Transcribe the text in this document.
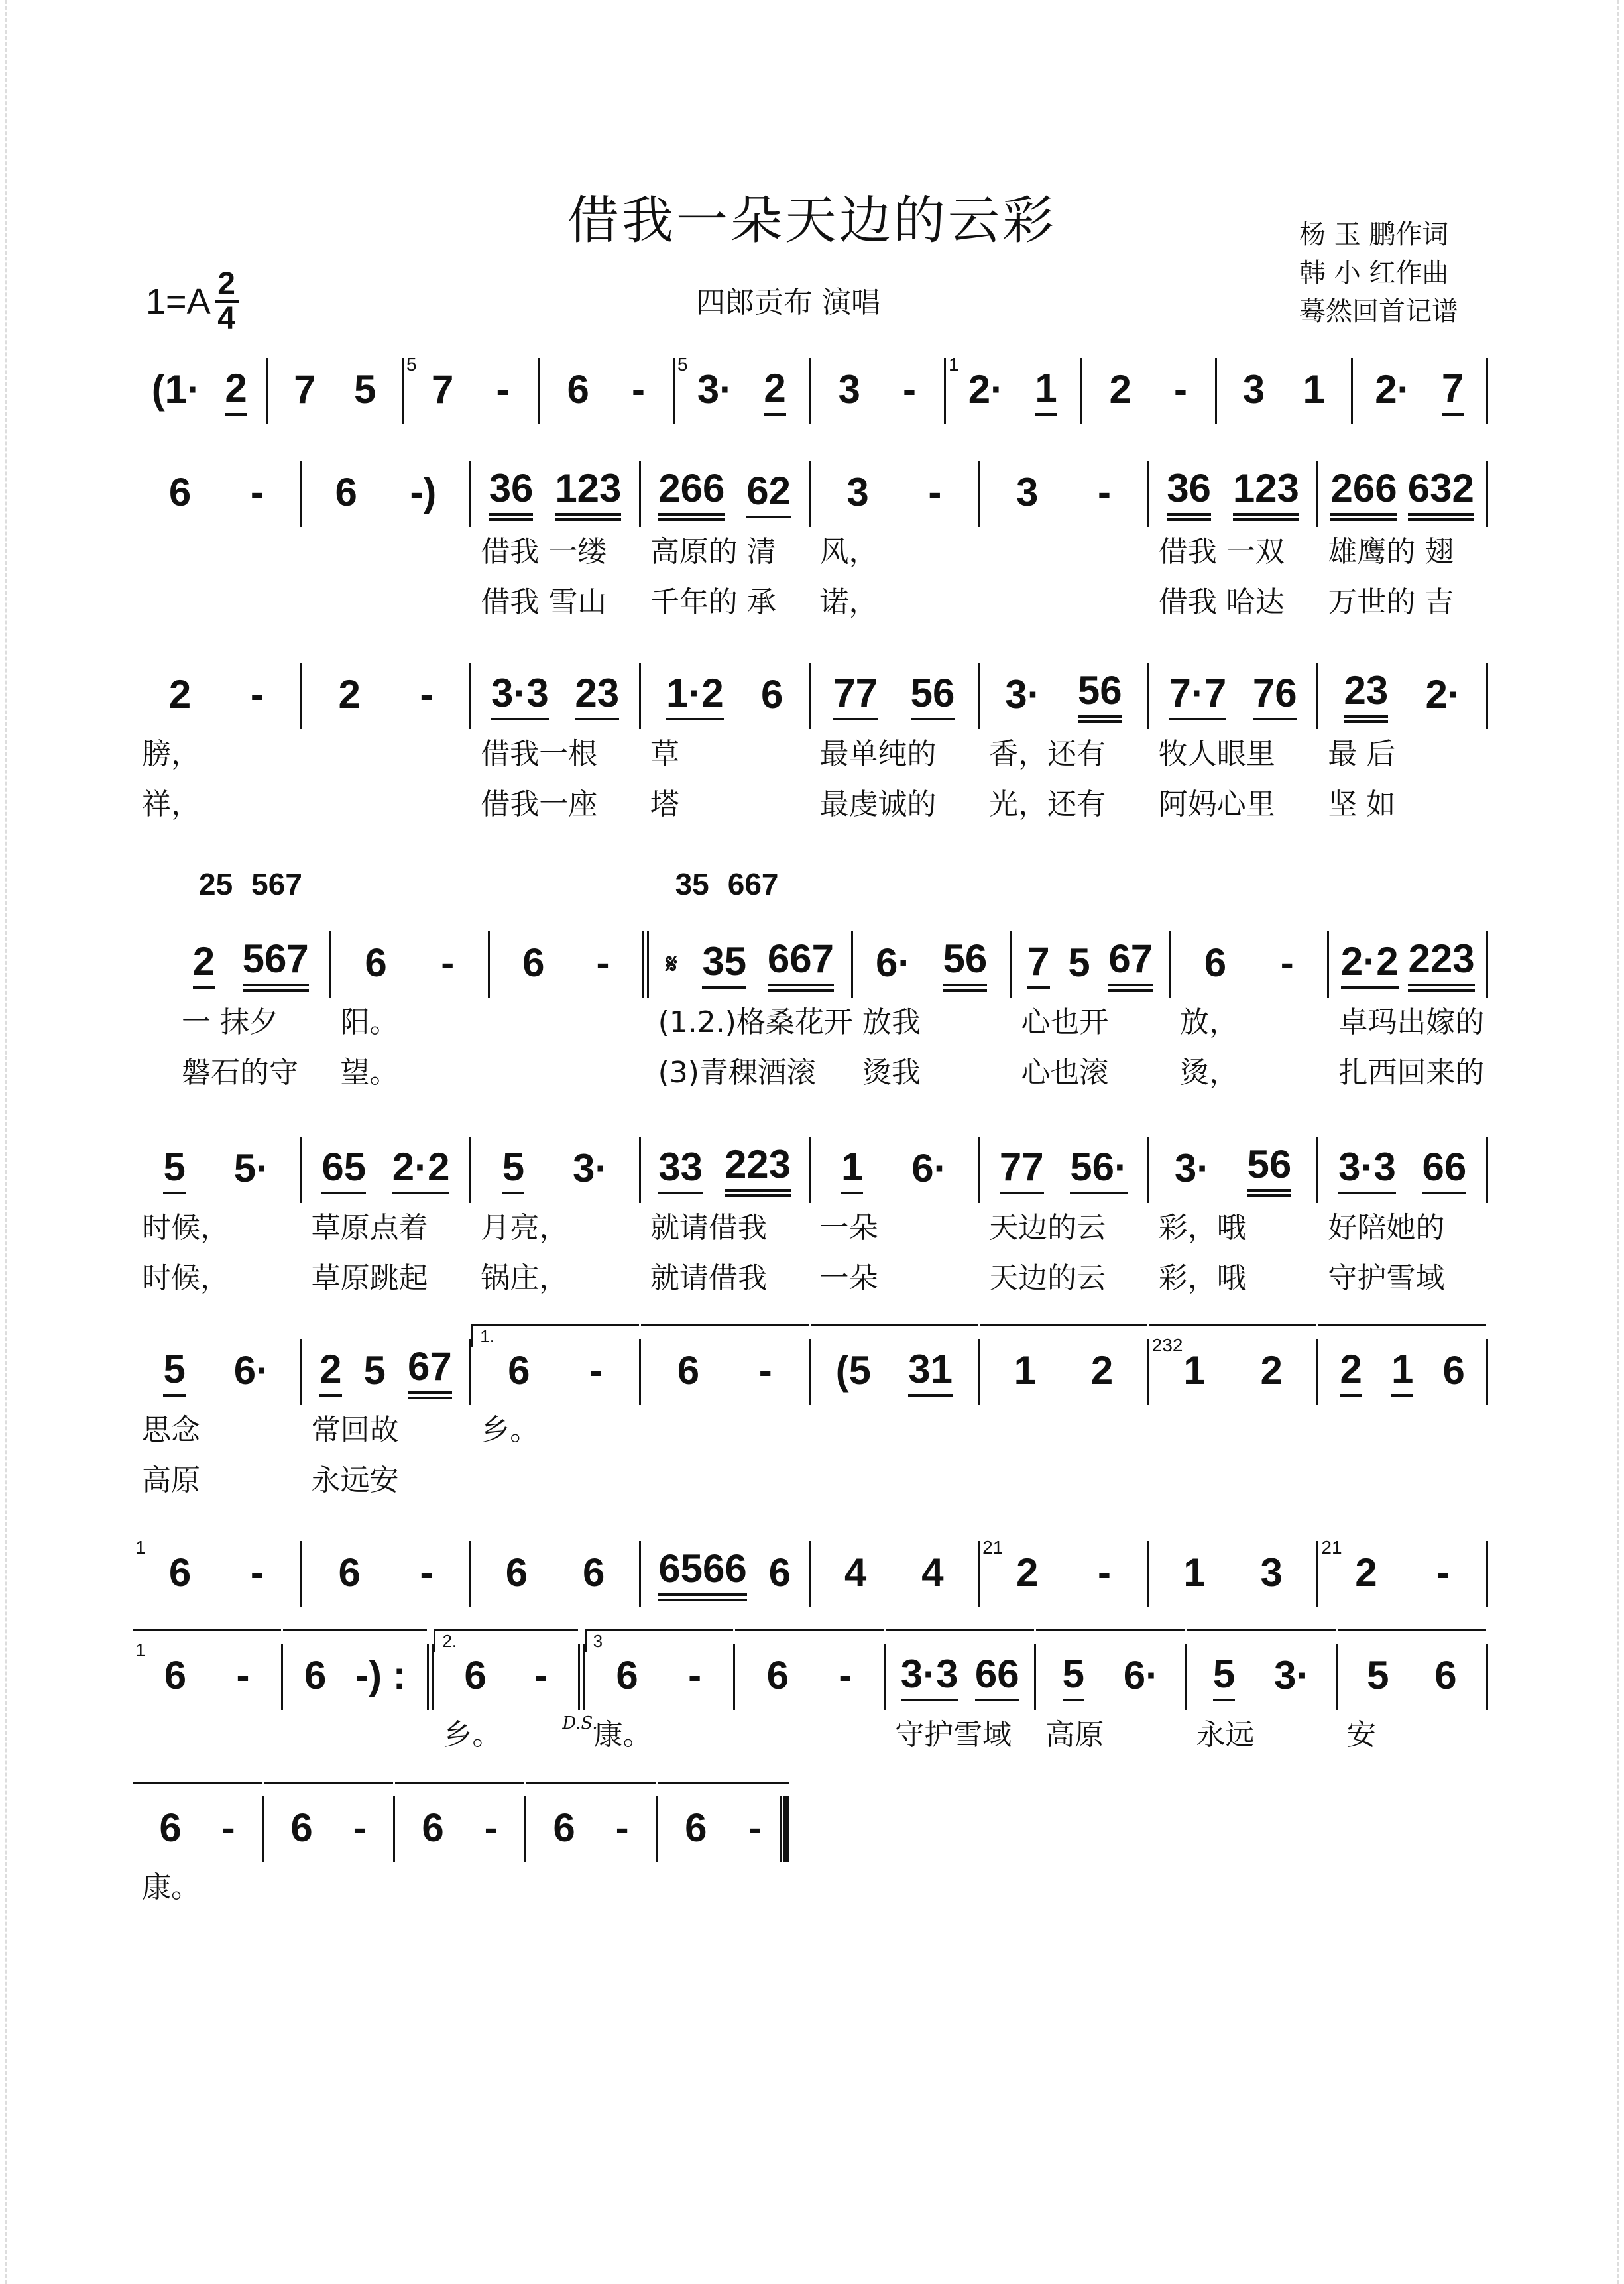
借我一朵天边的云彩
$1=A \frac{2}{4}$	四郎贡布 演唱
杨 玉 鹏作词
韩 小 红作曲
蓦然回首记谱
(1· 2 7 5
5
7 - 6 -
5
3· 2 3 -
1
2· 1 2 - 3 1 2· 7
6 - 6 -) 36 123
借我 一缕
借我 雪山
266 62
高原的 清
千年的 承
3 -
风，
诺，
3 - 36 123
借我 一双
借我 哈达
266 632
雄鹰的 翅
万世的 吉
2 -
膀，
祥，
2 - 3·3 23
借我一根
借我一座
1·2 6
草
塔
77 56
最单纯的
最虔诚的
3· 56
香，还有
光，还有
7·7 76
牧人眼里
阿妈心里
23 2·
最 后
坚 如
25 567
2 567
一 抹夕
磐石的守
6 -
阳。
望。
6 -
35 667
𝄋 35 667
(1.2.)格桑花开
(3)青稞酒滚
6· 56
放我
烫我
7 5 67
心也开
心也滚
6 -
放，
烫，
2·2 223
卓玛出嫁的
扎西回来的
5 5·
时候，
时候，
65 2·2
草原点着
草原跳起
5 3·
月亮，
锅庄，
33 223
就请借我
就请借我
1 6·
一朵
一朵
77 56·
天边的云
天边的云
3· 56
彩，哦
彩，哦
3·3 66
好陪她的
守护雪域
5 6·
思念
高原
2 5 67
常回故
永远安
6 -
1.
乡。
6 - (5 31 1 2
232
1 2 2 1 6
1
6 - 6 - 6 6 6566 6 4 4
21
2 - 1 3
21
2 -
1
6 - 6 -) : 6 -
2.
D.S.
乡。
6 -
3
康。
6 - 3·3 66
守护雪域
5 6·
高原
5 3·
永远
5 6
安
6 -
康。
6 - 6 - 6 - 6 -
